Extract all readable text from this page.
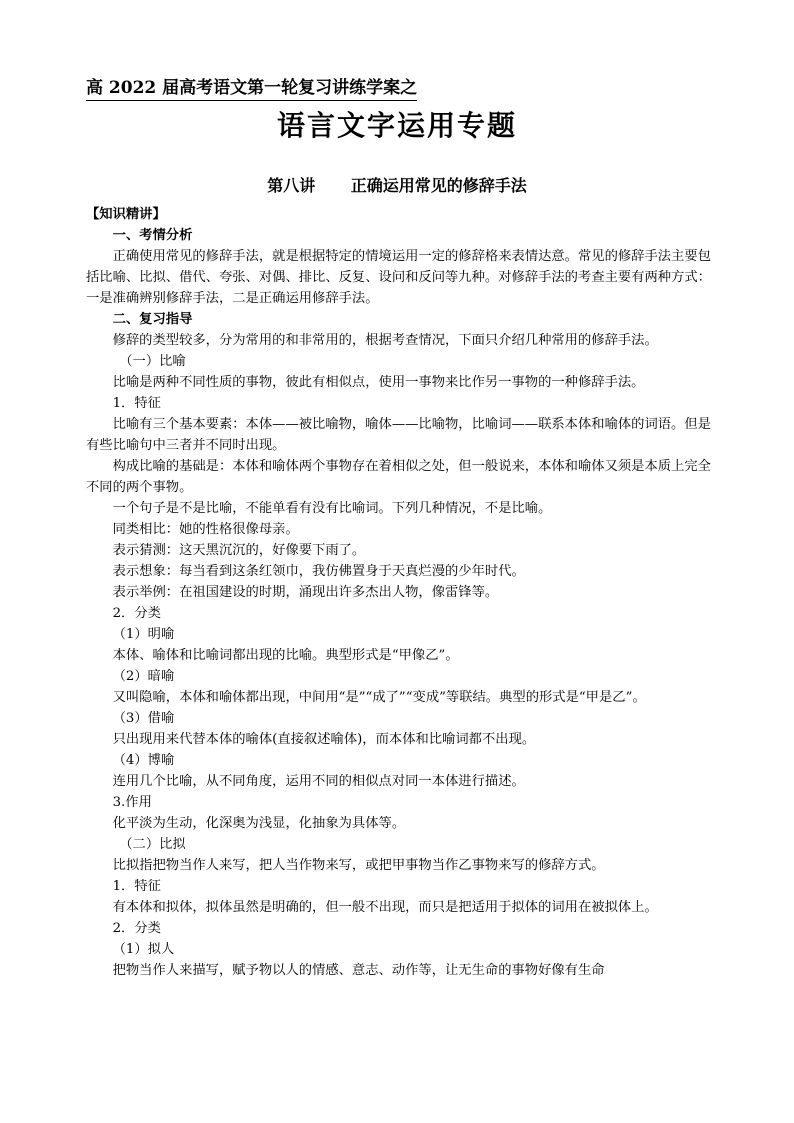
高 2022 届高考语文第一轮复习讲练学案之
语言文字运用专题
第八讲 正确运用常见的修辞手法

【知识精讲】

一、考情分析

正确使用常见的修辞手法，就是根据特定的情境运用一定的修辞格来表情达意。常见的修辞手法主要包括比喻、比拟、借代、夸张、对偶、排比、反复、设问和反问等九种。对修辞手法的考查主要有两种方式：一是准确辨别修辞手法，二是正确运用修辞手法。

二、复习指导

修辞的类型较多，分为常用的和非常用的，根据考查情况，下面只介绍几种常用的修辞手法。

（一）比喻

比喻是两种不同性质的事物，彼此有相似点，使用一事物来比作另一事物的一种修辞手法。

1．特征

比喻有三个基本要素：本体——被比喻物，喻体——比喻物，比喻词——联系本体和喻体的词语。但是有些比喻句中三者并不同时出现。

构成比喻的基础是：本体和喻体两个事物存在着相似之处，但一般说来，本体和喻体又须是本质上完全不同的两个事物。

一个句子是不是比喻，不能单看有没有比喻词。下列几种情况，不是比喻。

同类相比：她的性格很像母亲。

表示猜测：这天黑沉沉的，好像要下雨了。

表示想象：每当看到这条红领巾，我仿佛置身于天真烂漫的少年时代。

表示举例：在祖国建设的时期，涌现出许多杰出人物，像雷锋等。

2．分类

（1）明喻

本体、喻体和比喻词都出现的比喻。典型形式是“甲像乙”。

（2）暗喻

又叫隐喻，本体和喻体都出现，中间用“是”“成了”“变成”等联结。典型的形式是“甲是乙”。

（3）借喻

只出现用来代替本体的喻体(直接叙述喻体)，而本体和比喻词都不出现。

（4）博喻

连用几个比喻，从不同角度，运用不同的相似点对同一本体进行描述。

3.作用

化平淡为生动，化深奥为浅显，化抽象为具体等。

（二）比拟

比拟指把物当作人来写，把人当作物来写，或把甲事物当作乙事物来写的修辞方式。

1．特征

有本体和拟体，拟体虽然是明确的，但一般不出现，而只是把适用于拟体的词用在被拟体上。

2．分类

（1）拟人

把物当作人来描写，赋予物以人的情感、意志、动作等，让无生命的事物好像有生命
